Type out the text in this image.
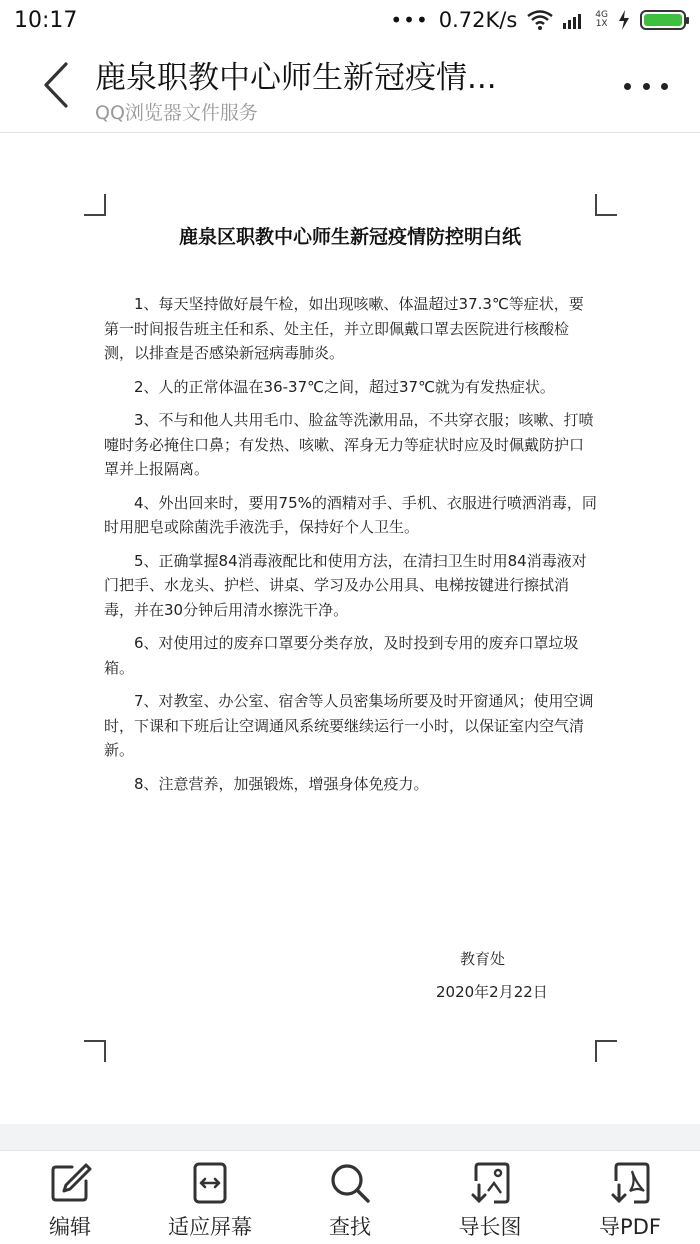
10:17	••• 0.72K/s	4G
1X
鹿泉职教中心师生新冠疫情...
QQ浏览器文件服务
鹿泉区职教中心师生新冠疫情防控明白纸

1、每天坚持做好晨午检，如出现咳嗽、体温超过37.3℃等症状，要第一时间报告班主任和系、处主任，并立即佩戴口罩去医院进行核酸检测，以排查是否感染新冠病毒肺炎。

2、人的正常体温在36-37℃之间，超过37℃就为有发热症状。

3、不与和他人共用毛巾、脸盆等洗漱用品，不共穿衣服；咳嗽、打喷嚏时务必掩住口鼻；有发热、咳嗽、浑身无力等症状时应及时佩戴防护口罩并上报隔离。

4、外出回来时，要用75%的酒精对手、手机、衣服进行喷洒消毒，同时用肥皂或除菌洗手液洗手，保持好个人卫生。

5、正确掌握84消毒液配比和使用方法，在清扫卫生时用84消毒液对门把手、水龙头、护栏、讲桌、学习及办公用具、电梯按键进行擦拭消毒，并在30分钟后用清水擦洗干净。

6、对使用过的废弃口罩要分类存放，及时投到专用的废弃口罩垃圾箱。

7、对教室、办公室、宿舍等人员密集场所要及时开窗通风；使用空调时，下课和下班后让空调通风系统要继续运行一小时，以保证室内空气清新。

8、注意营养，加强锻炼，增强身体免疫力。

教育处
2020年2月22日
编辑	适应屏幕	查找	导长图	导PDF
